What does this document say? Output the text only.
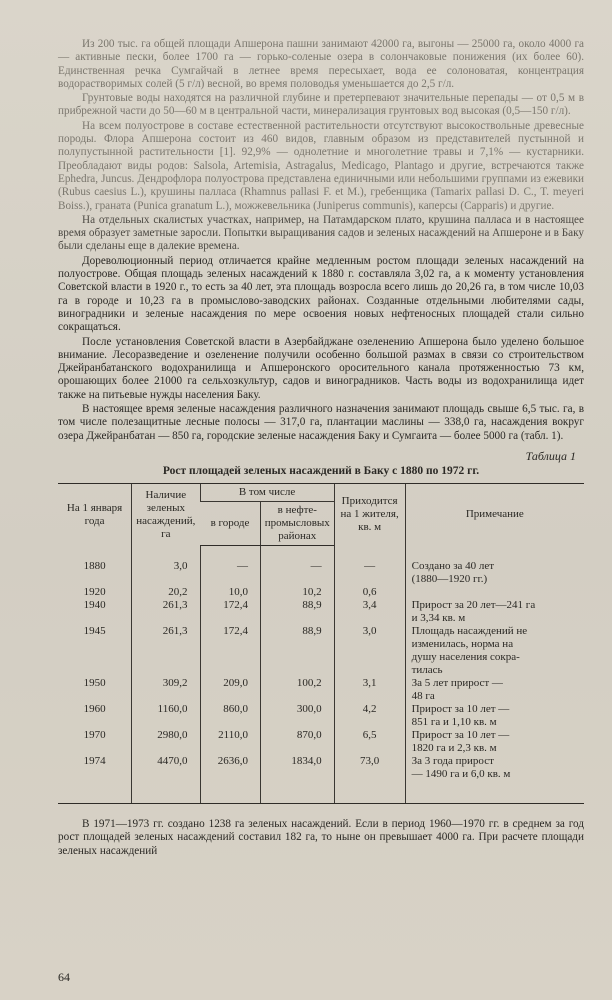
Из 200 тыс. га общей площади Апшерона пашни занимают 42000 га, выгоны — 25000 га, около 4000 га — активные пески, более 1700 га — горько-соленые озера в солончаковые понижения (их более 60). Единственная речка Сумгайчай в летнее время пересыхает, вода ее солоноватая, концентрация водорастворимых солей (5 г/л) весной, во время половодья уменьшается до 2,5 г/л.

Грунтовые воды находятся на различной глубине и претерпевают значительные перепады — от 0,5 м в прибрежной части до 50—60 м в центральной части, минерализация грунтовых вод высокая (0,5—150 г/л).

На всем полуострове в составе естественной растительности отсутствуют высокоствольные древесные породы. Флора Апшерона состоит из 460 видов, главным образом из представителей пустынной и полупустынной растительности [1]. 92,9% — однолетние и многолетние травы и 7,1% — кустарники. Преобладают виды родов: Salsola, Artemisia, Astragalus, Medicago, Plantago и другие, встречаются также Ephedra, Juncus. Дендрофлора полуострова представлена единичными или небольшими группами из ежевики (Rubus caesius L.), крушины палласа (Rhamnus pallasi F. et M.), гребенщика (Tamarix pallasi D. C., T. meyeri Boiss.), граната (Punica granatum L.), можжевельника (Juniperus communis), каперсы (Capparis) и другие.

На отдельных скалистых участках, например, на Патамдарском плато, крушина палласа и в настоящее время образует заметные заросли. Попытки выращивания садов и зеленых насаждений на Апшероне и в Баку были сделаны еще в далекие времена.

Дореволюционный период отличается крайне медленным ростом площади зеленых насаждений на полуострове. Общая площадь зеленых насаждений к 1880 г. составляла 3,02 га, а к моменту установления Советской власти в 1920 г., то есть за 40 лет, эта площадь возросла всего лишь до 20,26 га, в том числе 10,03 га в городе и 10,23 га в промыслово-заводских районах. Созданные отдельными любителями сады, виноградники и зеленые насаждения по мере освоения новых нефтеносных площадей стали сильно сокращаться.

После установления Советской власти в Азербайджане озеленению Апшерона было уделено большое внимание. Лесоразведение и озеленение получили особенно большой размах в связи со строительством Джейранбатанского водохранилища и Апшеронского оросительного канала протяженностью 73 км, орошающих более 21000 га сельхозкультур, садов и виноградников. Часть воды из водохранилища идет также на питьевые нужды населения Баку.

В настоящее время зеленые насаждения различного назначения занимают площадь свыше 6,5 тыс. га, в том числе полезащитные лесные полосы — 317,0 га, плантации маслины — 338,0 га, насаждения вокруг озера Джейранбатан — 850 га, городские зеленые насаждения Баку и Сумгаита — более 5000 га (табл. 1).

Таблица 1
Рост площадей зеленых насаждений в Баку с 1880 по 1972 гг.
На 1 января года	Наличие зеленых насаждений, га	В том числе		Приходится на 1 жителя, кв. м	Примечание
		в городе	в нефте-промысловых районах		

1880	3,0	—	—	—	Создано за 40 лет
(1880—1920 гг.)

1920	20,2	10,0	10,2	0,6	
1940	261,3	172,4	88,9	3,4	Прирост за 20 лет—241 га
и 3,34 кв. м

1945	261,3	172,4	88,9	3,0	Площадь насаждений не
изменилась, норма на
душу населения сокра-
тилась

1950	309,2	209,0	100,2	3,1	За 5 лет прирост —
48 га

1960	1160,0	860,0	300,0	4,2	Прирост за 10 лет —
851 га и 1,10 кв. м

1970	2980,0	2110,0	870,0	6,5	Прирост за 10 лет —
1820 га и 2,3 кв. м

1974	4470,0	2636,0	1834,0	73,0	За 3 года прирост
— 1490 га и 6,0 кв. м

В 1971—1973 гг. создано 1238 га зеленых насаждений. Если в период 1960—1970 гг. в среднем за год рост площадей зеленых насаждений составил 182 га, то ныне он превышает 4000 га. При расчете площади зеленых насаждений

64
